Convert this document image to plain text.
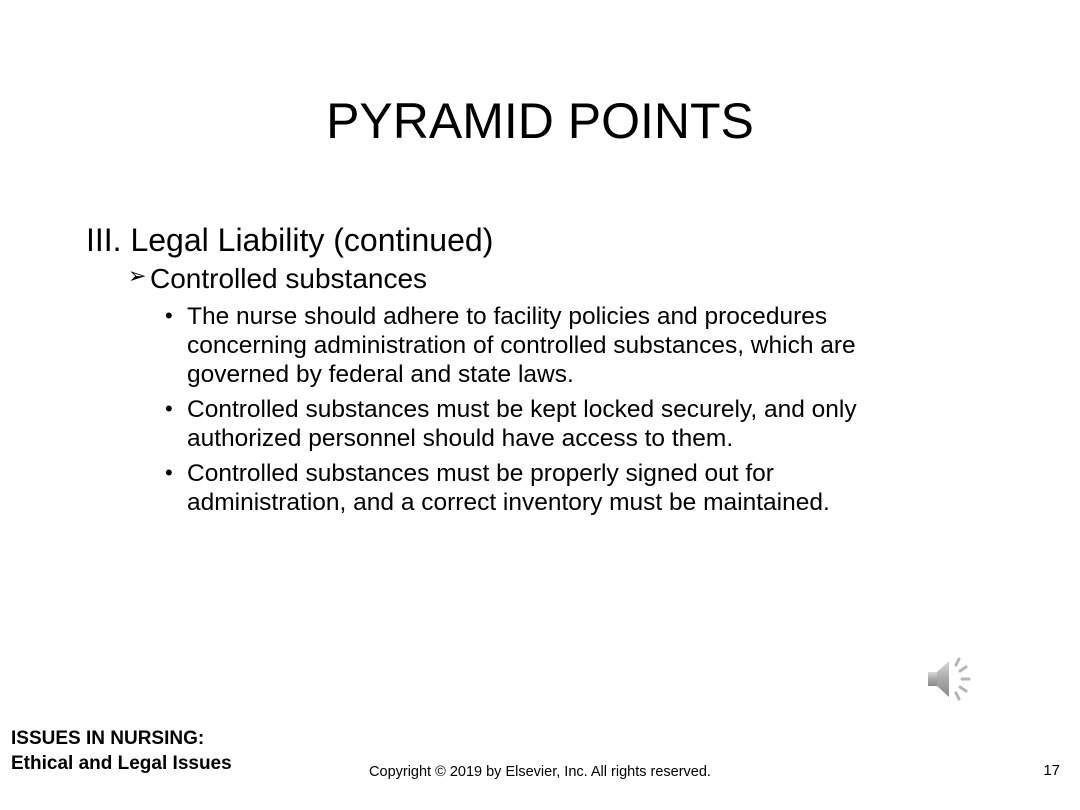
PYRAMID POINTS

III. Legal Liability (continued)

➢ Controlled substances
• The nurse should adhere to facility policies and procedures concerning administration of controlled substances, which are governed by federal and state laws.
• Controlled substances must be kept locked securely, and only authorized personnel should have access to them.
• Controlled substances must be properly signed out for administration, and a correct inventory must be maintained.
ISSUES IN NURSING:
Ethical and Legal Issues	Copyright © 2019 by Elsevier, Inc. All rights reserved.	17
